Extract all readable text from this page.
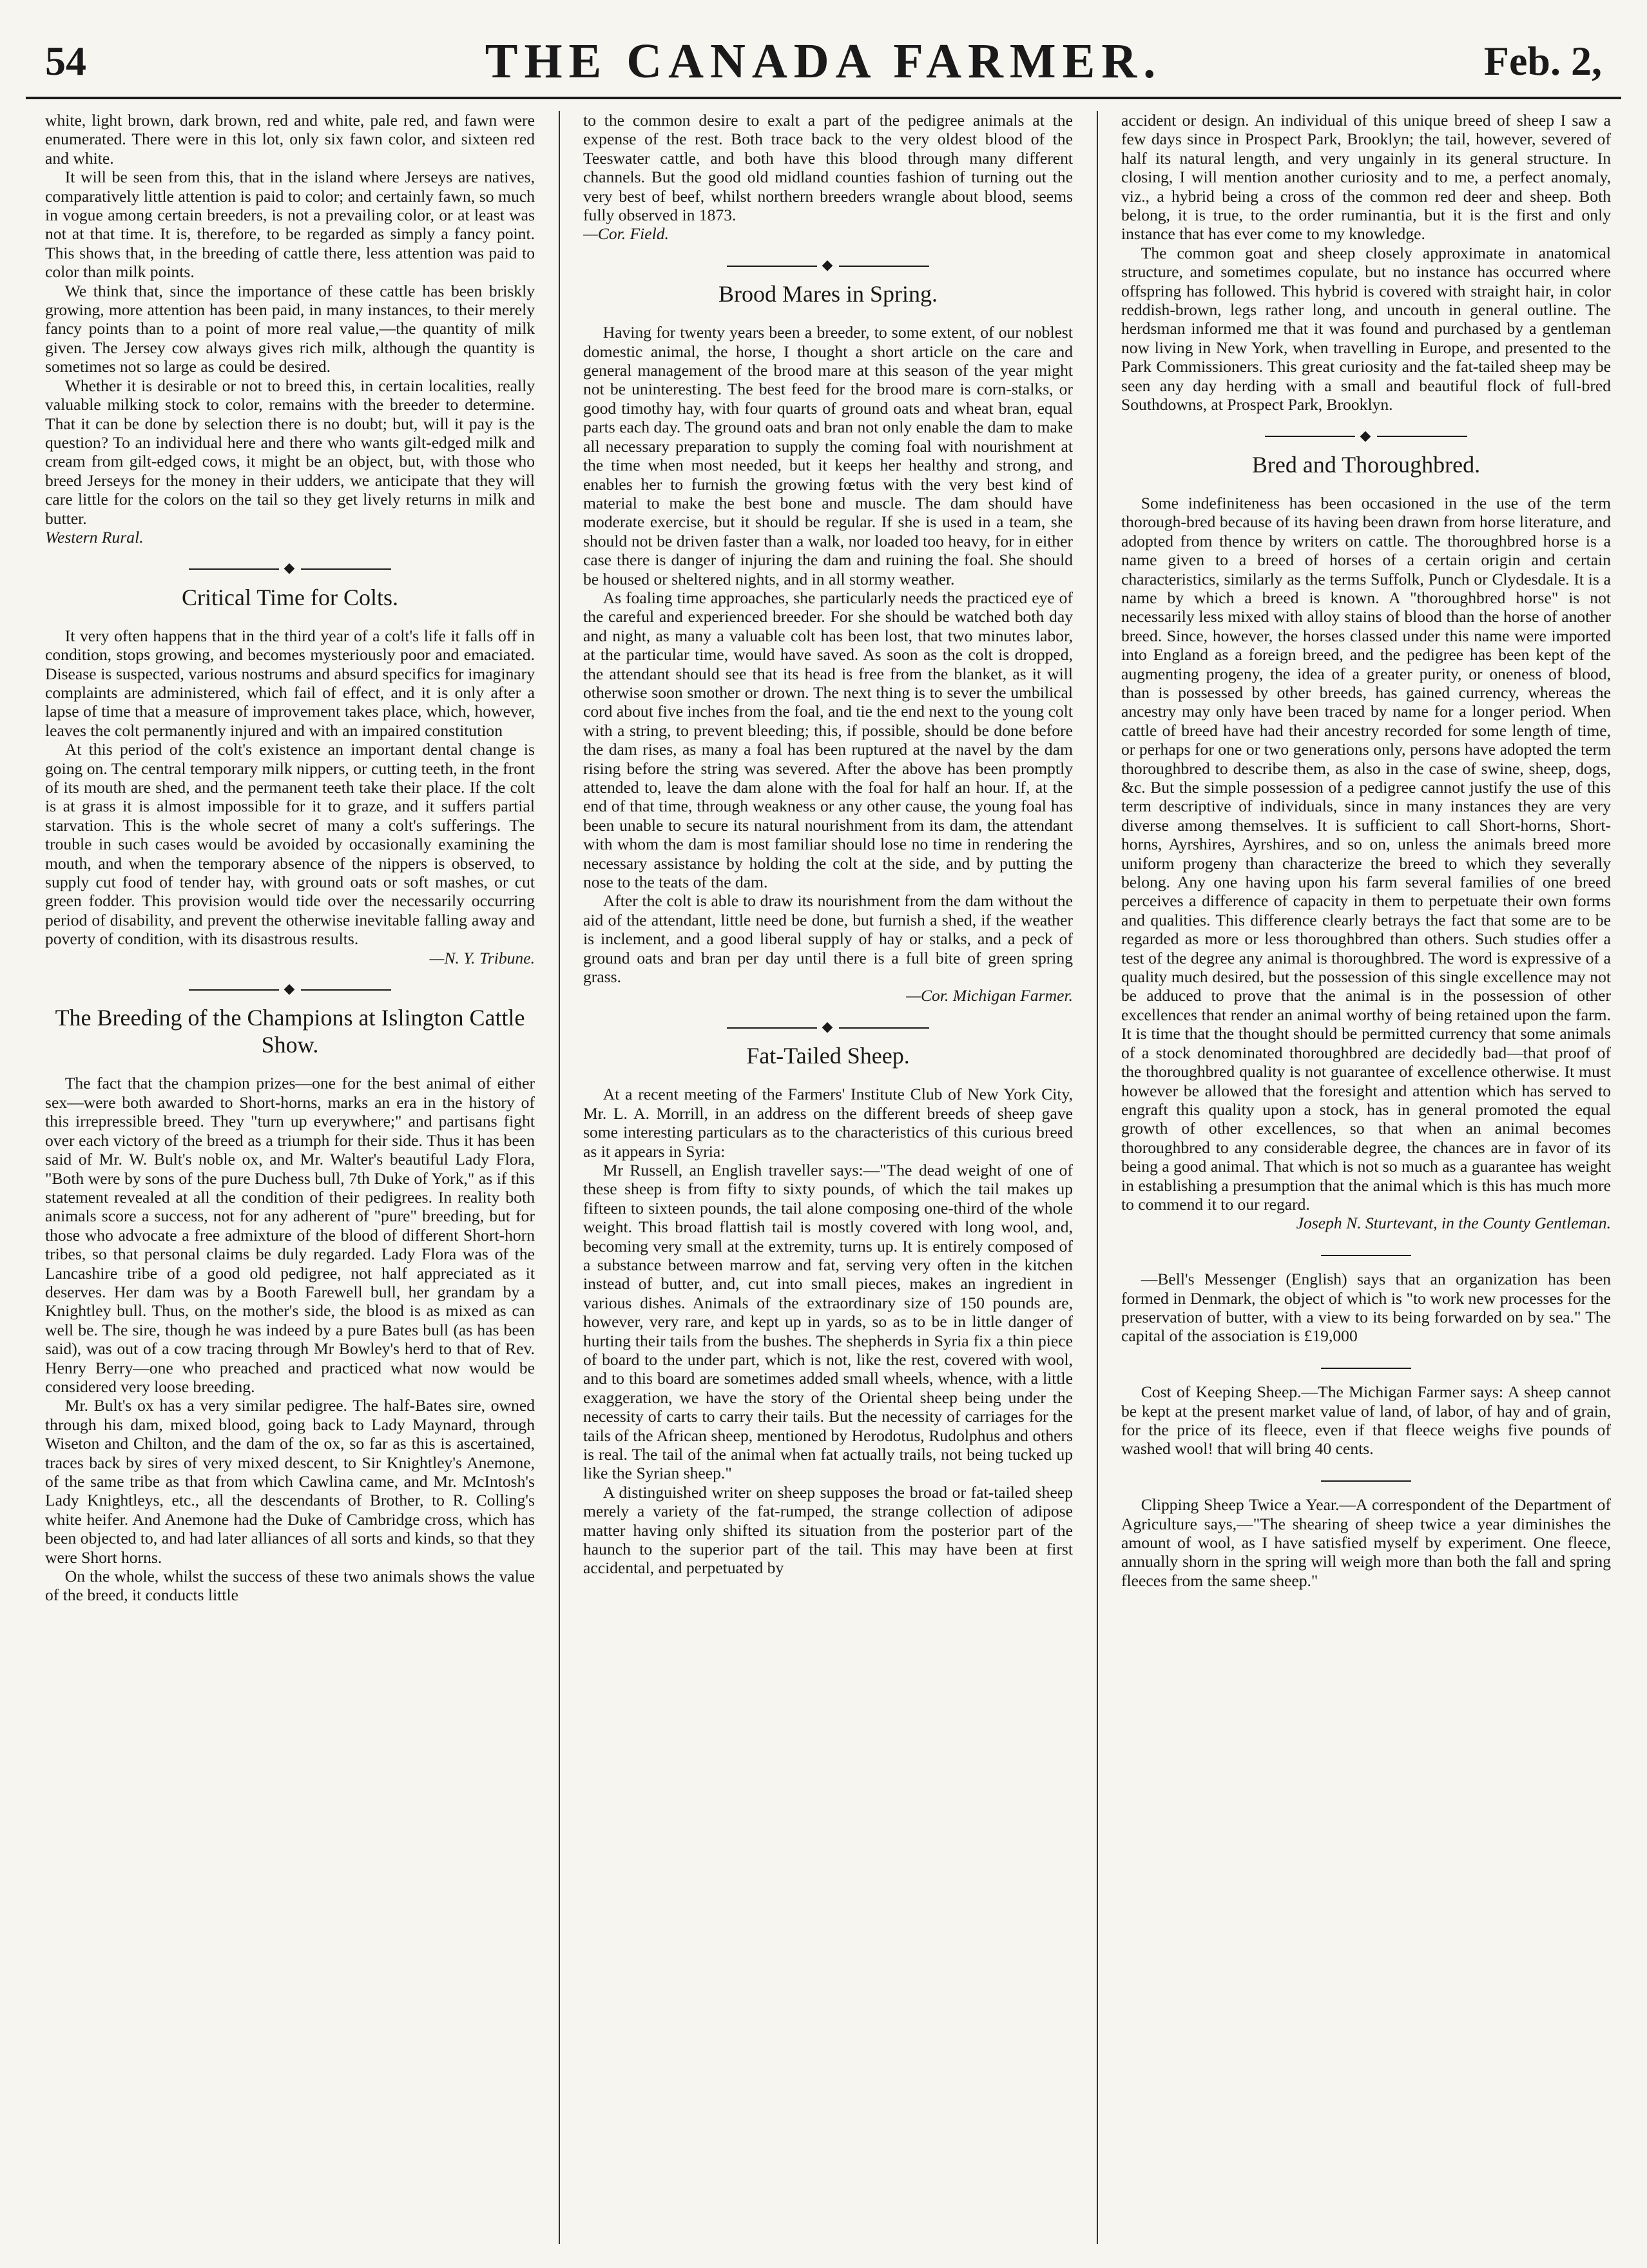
54	THE CANADA FARMER.	Feb. 2,

white, light brown, dark brown, red and white, pale red, and fawn were enumerated. There were in this lot, only six fawn color, and sixteen red and white.

It will be seen from this, that in the island where Jerseys are natives, comparatively little attention is paid to color; and certainly fawn, so much in vogue among certain breeders, is not a prevailing color, or at least was not at that time. It is, therefore, to be regarded as simply a fancy point. This shows that, in the breeding of cattle there, less attention was paid to color than milk points.

We think that, since the importance of these cattle has been briskly growing, more attention has been paid, in many instances, to their merely fancy points than to a point of more real value,—the quantity of milk given. The Jersey cow always gives rich milk, although the quantity is sometimes not so large as could be desired.

Whether it is desirable or not to breed this, in certain localities, really valuable milking stock to color, remains with the breeder to determine. That it can be done by selection there is no doubt; but, will it pay is the question? To an individual here and there who wants gilt-edged milk and cream from gilt-edged cows, it might be an object, but, with those who breed Jerseys for the money in their udders, we anticipate that they will care little for the colors on the tail so they get lively returns in milk and butter.

Western Rural.

◆
Critical Time for Colts.

It very often happens that in the third year of a colt's life it falls off in condition, stops growing, and becomes mysteriously poor and emaciated. Disease is suspected, various nostrums and absurd specifics for imaginary complaints are administered, which fail of effect, and it is only after a lapse of time that a measure of improvement takes place, which, however, leaves the colt permanently injured and with an impaired constitution

At this period of the colt's existence an important dental change is going on. The central temporary milk nippers, or cutting teeth, in the front of its mouth are shed, and the permanent teeth take their place. If the colt is at grass it is almost impossible for it to graze, and it suffers partial starvation. This is the whole secret of many a colt's sufferings. The trouble in such cases would be avoided by occasionally examining the mouth, and when the temporary absence of the nippers is observed, to supply cut food of tender hay, with ground oats or soft mashes, or cut green fodder. This provision would tide over the necessarily occurring period of disability, and prevent the otherwise inevitable falling away and poverty of condition, with its disastrous results.

—N. Y. Tribune.

◆
The Breeding of the Champions at Islington Cattle Show.

The fact that the champion prizes—one for the best animal of either sex—were both awarded to Short-horns, marks an era in the history of this irrepressible breed. They "turn up everywhere;" and partisans fight over each victory of the breed as a triumph for their side. Thus it has been said of Mr. W. Bult's noble ox, and Mr. Walter's beautiful Lady Flora, "Both were by sons of the pure Duchess bull, 7th Duke of York," as if this statement revealed at all the condition of their pedigrees. In reality both animals score a success, not for any adherent of "pure" breeding, but for those who advocate a free admixture of the blood of different Short-horn tribes, so that personal claims be duly regarded. Lady Flora was of the Lancashire tribe of a good old pedigree, not half appreciated as it deserves. Her dam was by a Booth Farewell bull, her grandam by a Knightley bull. Thus, on the mother's side, the blood is as mixed as can well be. The sire, though he was indeed by a pure Bates bull (as has been said), was out of a cow tracing through Mr Bowley's herd to that of Rev. Henry Berry—one who preached and practiced what now would be considered very loose breeding.

Mr. Bult's ox has a very similar pedigree. The half-Bates sire, owned through his dam, mixed blood, going back to Lady Maynard, through Wiseton and Chilton, and the dam of the ox, so far as this is ascertained, traces back by sires of very mixed descent, to Sir Knightley's Anemone, of the same tribe as that from which Cawlina came, and Mr. McIntosh's Lady Knightleys, etc., all the descendants of Brother, to R. Colling's white heifer. And Anemone had the Duke of Cambridge cross, which has been objected to, and had later alliances of all sorts and kinds, so that they were Short horns.

On the whole, whilst the success of these two animals shows the value of the breed, it conducts little

to the common desire to exalt a part of the pedigree animals at the expense of the rest. Both trace back to the very oldest blood of the Teeswater cattle, and both have this blood through many different channels. But the good old midland counties fashion of turning out the very best of beef, whilst northern breeders wrangle about blood, seems fully observed in 1873.

—Cor. Field.

◆
Brood Mares in Spring.

Having for twenty years been a breeder, to some extent, of our noblest domestic animal, the horse, I thought a short article on the care and general management of the brood mare at this season of the year might not be uninteresting. The best feed for the brood mare is corn-stalks, or good timothy hay, with four quarts of ground oats and wheat bran, equal parts each day. The ground oats and bran not only enable the dam to make all necessary preparation to supply the coming foal with nourishment at the time when most needed, but it keeps her healthy and strong, and enables her to furnish the growing fœtus with the very best kind of material to make the best bone and muscle. The dam should have moderate exercise, but it should be regular. If she is used in a team, she should not be driven faster than a walk, nor loaded too heavy, for in either case there is danger of injuring the dam and ruining the foal. She should be housed or sheltered nights, and in all stormy weather.

As foaling time approaches, she particularly needs the practiced eye of the careful and experienced breeder. For she should be watched both day and night, as many a valuable colt has been lost, that two minutes labor, at the particular time, would have saved. As soon as the colt is dropped, the attendant should see that its head is free from the blanket, as it will otherwise soon smother or drown. The next thing is to sever the umbilical cord about five inches from the foal, and tie the end next to the young colt with a string, to prevent bleeding; this, if possible, should be done before the dam rises, as many a foal has been ruptured at the navel by the dam rising before the string was severed. After the above has been promptly attended to, leave the dam alone with the foal for half an hour. If, at the end of that time, through weakness or any other cause, the young foal has been unable to secure its natural nourishment from its dam, the attendant with whom the dam is most familiar should lose no time in rendering the necessary assistance by holding the colt at the side, and by putting the nose to the teats of the dam.

After the colt is able to draw its nourishment from the dam without the aid of the attendant, little need be done, but furnish a shed, if the weather is inclement, and a good liberal supply of hay or stalks, and a peck of ground oats and bran per day until there is a full bite of green spring grass.

—Cor. Michigan Farmer.

◆
Fat-Tailed Sheep.

At a recent meeting of the Farmers' Institute Club of New York City, Mr. L. A. Morrill, in an address on the different breeds of sheep gave some interesting particulars as to the characteristics of this curious breed as it appears in Syria:

Mr Russell, an English traveller says:—"The dead weight of one of these sheep is from fifty to sixty pounds, of which the tail makes up fifteen to sixteen pounds, the tail alone composing one-third of the whole weight. This broad flattish tail is mostly covered with long wool, and, becoming very small at the extremity, turns up. It is entirely composed of a substance between marrow and fat, serving very often in the kitchen instead of butter, and, cut into small pieces, makes an ingredient in various dishes. Animals of the extraordinary size of 150 pounds are, however, very rare, and kept up in yards, so as to be in little danger of hurting their tails from the bushes. The shepherds in Syria fix a thin piece of board to the under part, which is not, like the rest, covered with wool, and to this board are sometimes added small wheels, whence, with a little exaggeration, we have the story of the Oriental sheep being under the necessity of carts to carry their tails. But the necessity of carriages for the tails of the African sheep, mentioned by Herodotus, Rudolphus and others is real. The tail of the animal when fat actually trails, not being tucked up like the Syrian sheep."

A distinguished writer on sheep supposes the broad or fat-tailed sheep merely a variety of the fat-rumped, the strange collection of adipose matter having only shifted its situation from the posterior part of the haunch to the superior part of the tail. This may have been at first accidental, and perpetuated by

accident or design. An individual of this unique breed of sheep I saw a few days since in Prospect Park, Brooklyn; the tail, however, severed of half its natural length, and very ungainly in its general structure. In closing, I will mention another curiosity and to me, a perfect anomaly, viz., a hybrid being a cross of the common red deer and sheep. Both belong, it is true, to the order ruminantia, but it is the first and only instance that has ever come to my knowledge.

The common goat and sheep closely approximate in anatomical structure, and sometimes copulate, but no instance has occurred where offspring has followed. This hybrid is covered with straight hair, in color reddish-brown, legs rather long, and uncouth in general outline. The herdsman informed me that it was found and purchased by a gentleman now living in New York, when travelling in Europe, and presented to the Park Commissioners. This great curiosity and the fat-tailed sheep may be seen any day herding with a small and beautiful flock of full-bred Southdowns, at Prospect Park, Brooklyn.

◆
Bred and Thoroughbred.

Some indefiniteness has been occasioned in the use of the term thorough-bred because of its having been drawn from horse literature, and adopted from thence by writers on cattle. The thoroughbred horse is a name given to a breed of horses of a certain origin and certain characteristics, similarly as the terms Suffolk, Punch or Clydesdale. It is a name by which a breed is known. A "thoroughbred horse" is not necessarily less mixed with alloy stains of blood than the horse of another breed. Since, however, the horses classed under this name were imported into England as a foreign breed, and the pedigree has been kept of the augmenting progeny, the idea of a greater purity, or oneness of blood, than is possessed by other breeds, has gained currency, whereas the ancestry may only have been traced by name for a longer period. When cattle of breed have had their ancestry recorded for some length of time, or perhaps for one or two generations only, persons have adopted the term thoroughbred to describe them, as also in the case of swine, sheep, dogs, &c. But the simple possession of a pedigree cannot justify the use of this term descriptive of individuals, since in many instances they are very diverse among themselves. It is sufficient to call Short-horns, Short-horns, Ayrshires, Ayrshires, and so on, unless the animals breed more uniform progeny than characterize the breed to which they severally belong. Any one having upon his farm several families of one breed perceives a difference of capacity in them to perpetuate their own forms and qualities. This difference clearly betrays the fact that some are to be regarded as more or less thoroughbred than others. Such studies offer a test of the degree any animal is thoroughbred. The word is expressive of a quality much desired, but the possession of this single excellence may not be adduced to prove that the animal is in the possession of other excellences that render an animal worthy of being retained upon the farm. It is time that the thought should be permitted currency that some animals of a stock denominated thoroughbred are decidedly bad—that proof of the thoroughbred quality is not guarantee of excellence otherwise. It must however be allowed that the foresight and attention which has served to engraft this quality upon a stock, has in general promoted the equal growth of other excellences, so that when an animal becomes thoroughbred to any considerable degree, the chances are in favor of its being a good animal. That which is not so much as a guarantee has weight in establishing a presumption that the animal which is this has much more to commend it to our regard.

Joseph N. Sturtevant, in the County Gentleman.

—Bell's Messenger (English) says that an organization has been formed in Denmark, the object of which is "to work new processes for the preservation of butter, with a view to its being forwarded on by sea." The capital of the association is £19,000

Cost of Keeping Sheep.—The Michigan Farmer says: A sheep cannot be kept at the present market value of land, of labor, of hay and of grain, for the price of its fleece, even if that fleece weighs five pounds of washed wool! that will bring 40 cents.

Clipping Sheep Twice a Year.—A correspondent of the Department of Agriculture says,—"The shearing of sheep twice a year diminishes the amount of wool, as I have satisfied myself by experiment. One fleece, annually shorn in the spring will weigh more than both the fall and spring fleeces from the same sheep."
